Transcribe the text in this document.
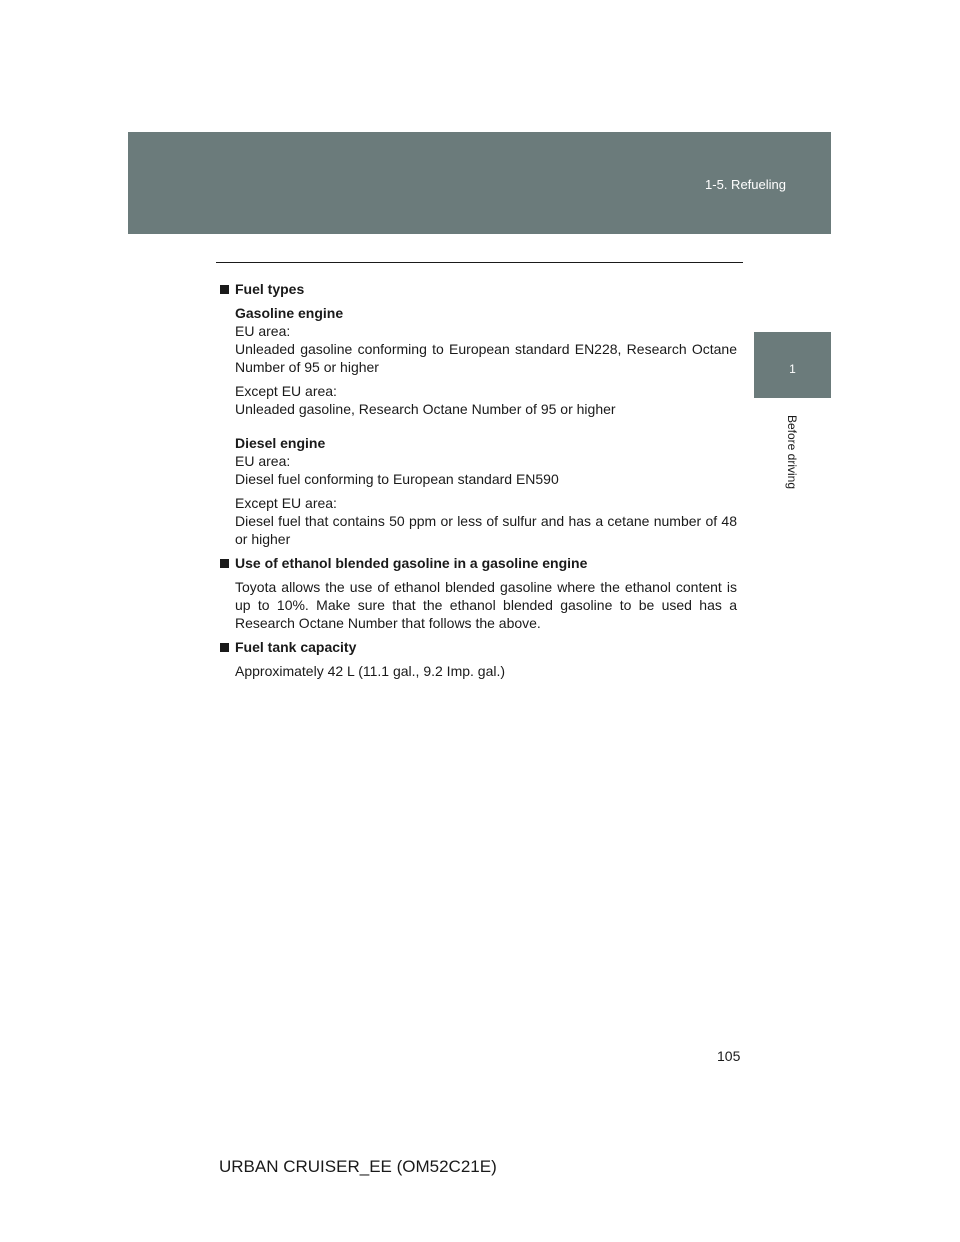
1-5. Refueling
1
Before driving
Fuel types
Gasoline engine

EU area:

Unleaded gasoline conforming to European standard EN228, Research Octane Number of 95 or higher

Except EU area:

Unleaded gasoline, Research Octane Number of 95 or higher

Diesel engine

EU area:

Diesel fuel conforming to European standard EN590

Except EU area:

Diesel fuel that contains 50 ppm or less of sulfur and has a cetane number of 48 or higher

Use of ethanol blended gasoline in a gasoline engine

Toyota allows the use of ethanol blended gasoline where the ethanol content is up to 10%. Make sure that the ethanol blended gasoline to be used has a Research Octane Number that follows the above.

Fuel tank capacity

Approximately 42 L (11.1 gal., 9.2 Imp. gal.)

105
URBAN CRUISER_EE (OM52C21E)
